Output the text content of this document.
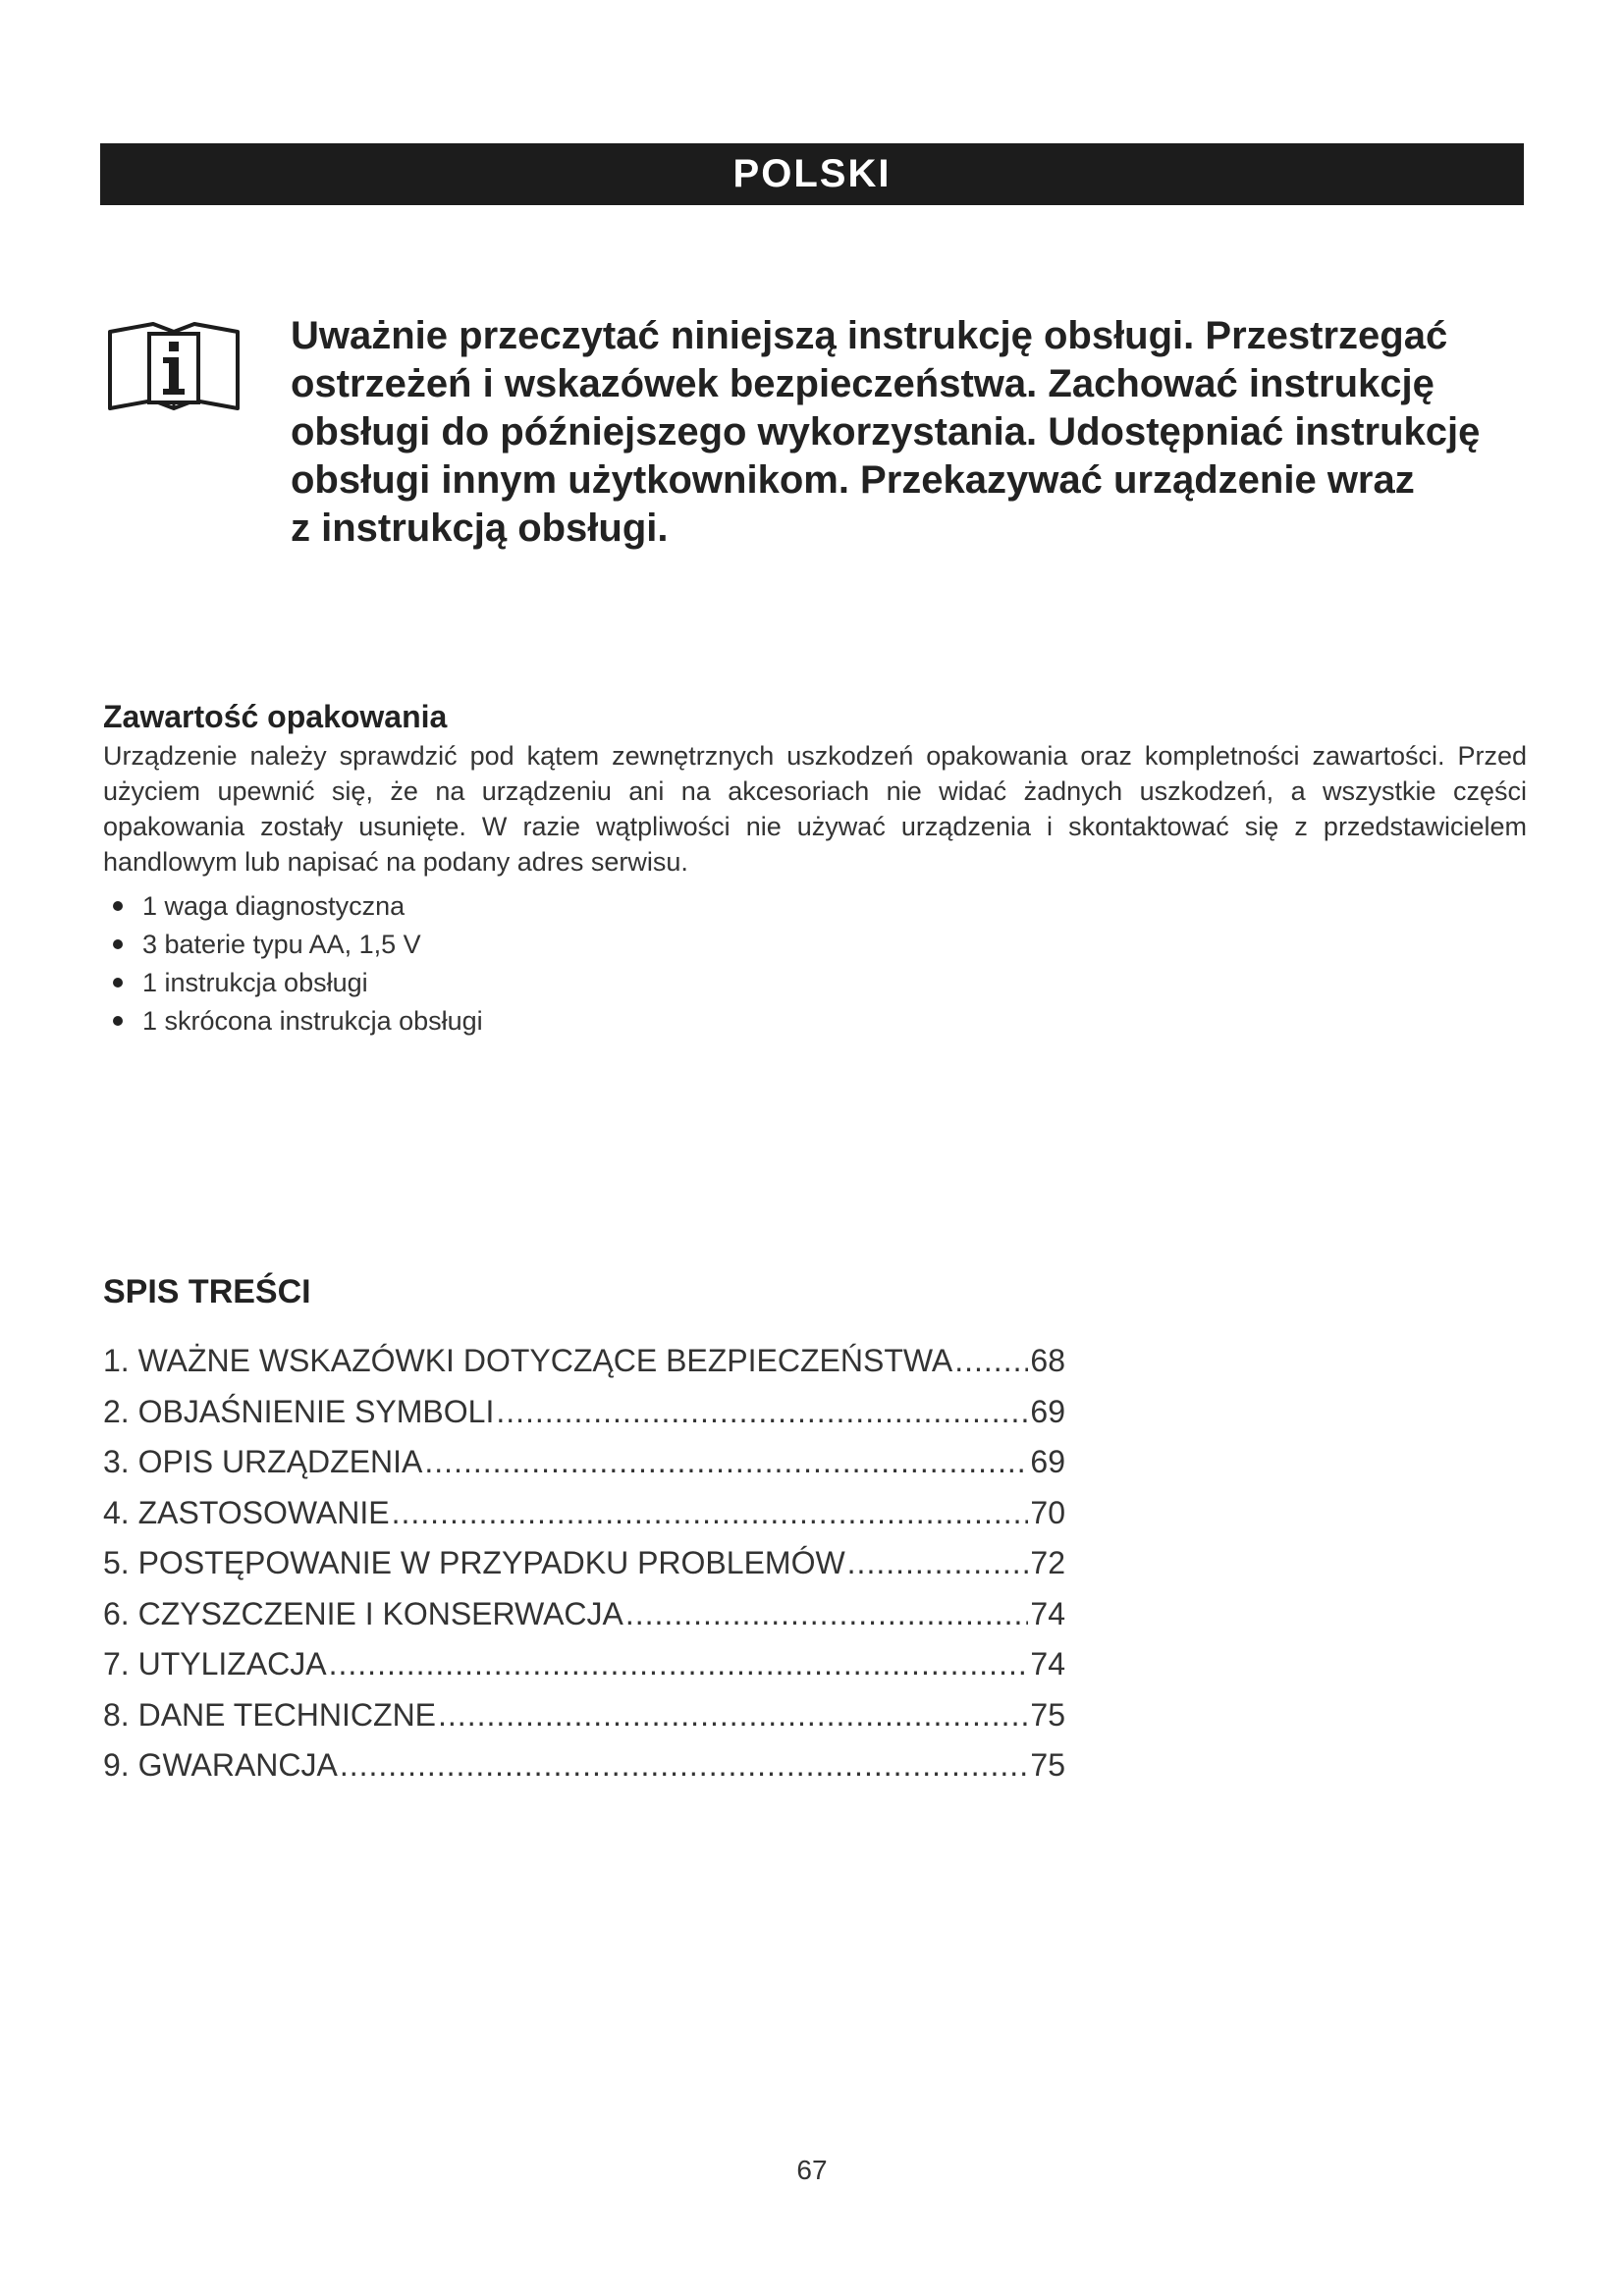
POLSKI
Uważnie przeczytać niniejszą instrukcję obsługi. Przestrzegać
ostrzeżeń i wskazówek bezpieczeństwa. Zachować instrukcję
obsługi do późniejszego wykorzystania. Udostępniać instrukcję
obsługi innym użytkownikom. Przekazywać urządzenie wraz
z instrukcją obsługi.
Zawartość opakowania
Urządzenie należy sprawdzić pod kątem zewnętrznych uszkodzeń opakowania oraz kompletności zawartości. Przed użyciem upewnić się, że na urządzeniu ani na akcesoriach nie widać żadnych uszkodzeń, a wszystkie części opakowania zostały usunięte. W razie wątpliwości nie używać urządzenia i skontaktować się z przedstawicielem handlowym lub napisać na podany adres serwisu.
1 waga diagnostyczna
3 baterie typu AA, 1,5 V
1 instrukcja obsługi
1 skrócona instrukcja obsługi
SPIS TREŚCI
1. WAŻNE WSKAZÓWKI DOTYCZĄCE BEZPIECZEŃSTWA ..... 68
2. OBJAŚNIENIE SYMBOLI .....	69
3. OPIS URZĄDZENIA .....	69
4. ZASTOSOWANIE .....	70
5. POSTĘPOWANIE W PRZYPADKU PROBLEMÓW .....	72
6. CZYSZCZENIE I KONSERWACJA .....	74
7. UTYLIZACJA .....	74
8. DANE TECHNICZNE .....	75
9. GWARANCJA .....	75
67
